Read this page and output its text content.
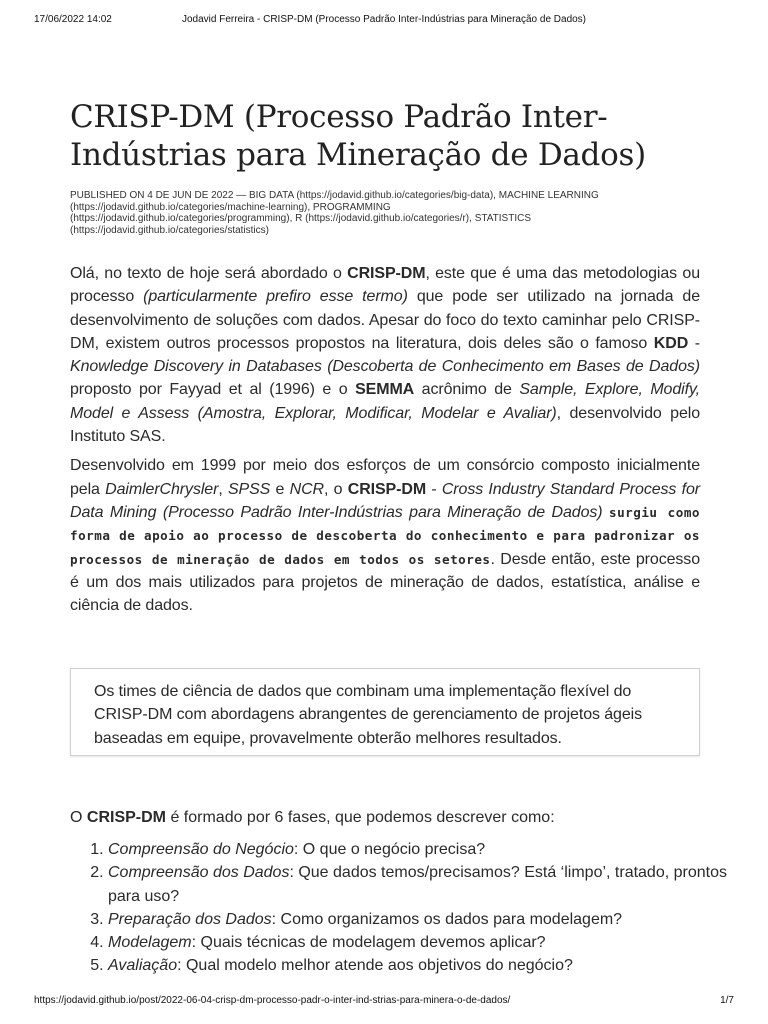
17/06/2022 14:02	Jodavid Ferreira - CRISP-DM (Processo Padrão Inter-Indústrias para Mineração de Dados)
CRISP-DM (Processo Padrão Inter-Indústrias para Mineração de Dados)
PUBLISHED ON 4 DE JUN DE 2022 — BIG DATA (https://jodavid.github.io/categories/big-data), MACHINE LEARNING
(https://jodavid.github.io/categories/machine-learning), PROGRAMMING
(https://jodavid.github.io/categories/programming), R (https://jodavid.github.io/categories/r), STATISTICS
(https://jodavid.github.io/categories/statistics)

Olá, no texto de hoje será abordado o CRISP-DM, este que é uma das metodologias ou processo (particularmente prefiro esse termo) que pode ser utilizado na jornada de desenvolvimento de soluções com dados. Apesar do foco do texto caminhar pelo CRISP-DM, existem outros processos propostos na literatura, dois deles são o famoso KDD - Knowledge Discovery in Databases (Descoberta de Conhecimento em Bases de Dados) proposto por Fayyad et al (1996) e o SEMMA acrônimo de Sample, Explore, Modify, Model e Assess (Amostra, Explorar, Modificar, Modelar e Avaliar), desenvolvido pelo Instituto SAS.

Desenvolvido em 1999 por meio dos esforços de um consórcio composto inicialmente pela DaimlerChrysler, SPSS e NCR, o CRISP-DM - Cross Industry Standard Process for Data Mining (Processo Padrão Inter-Indústrias para Mineração de Dados) surgiu como forma de apoio ao processo de descoberta do conhecimento e para padronizar os processos de mineração de dados em todos os setores. Desde então, este processo é um dos mais utilizados para projetos de mineração de dados, estatística, análise e ciência de dados.

Os times de ciência de dados que combinam uma implementação flexível do CRISP-DM com abordagens abrangentes de gerenciamento de projetos ágeis baseadas em equipe, provavelmente obterão melhores resultados.

O CRISP-DM é formado por 6 fases, que podemos descrever como:

1. Compreensão do Negócio: O que o negócio precisa?
2. Compreensão dos Dados: Que dados temos/precisamos? Está ‘limpo’, tratado, prontos para uso?
3. Preparação dos Dados: Como organizamos os dados para modelagem?
4. Modelagem: Quais técnicas de modelagem devemos aplicar?
5. Avaliação: Qual modelo melhor atende aos objetivos do negócio?
https://jodavid.github.io/post/2022-06-04-crisp-dm-processo-padr-o-inter-ind-strias-para-minera-o-de-dados/	1/7
